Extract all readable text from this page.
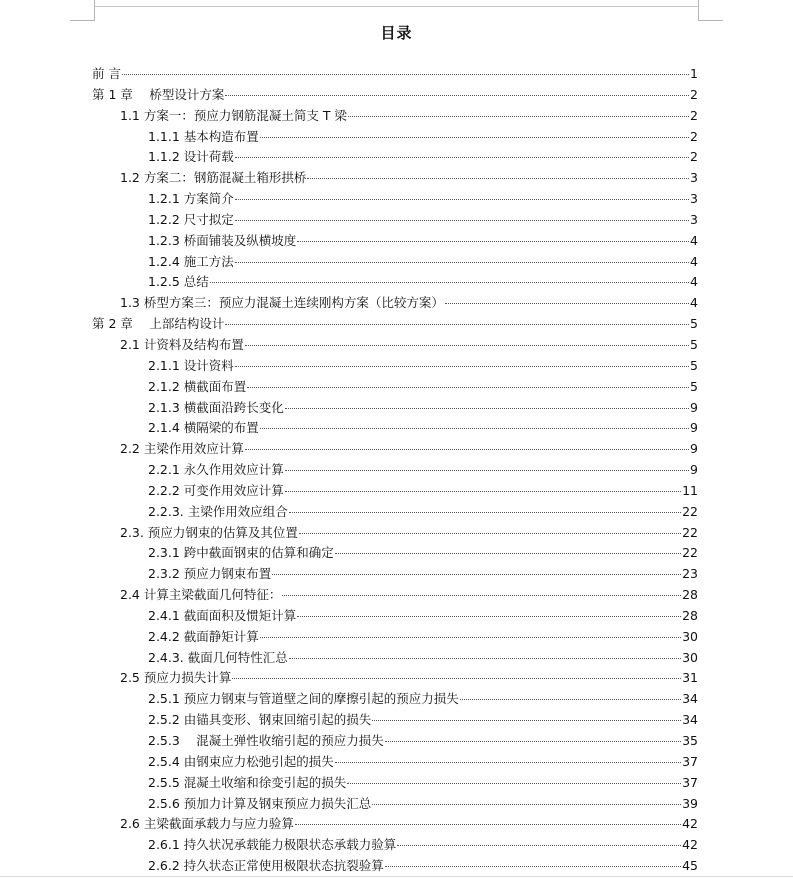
目录
前 言	1
第 1 章　 桥型设计方案	2
1.1 方案一：预应力钢筋混凝土简支 T 梁	2
1.1.1 基本构造布置	2
1.1.2 设计荷载	2
1.2 方案二：钢筋混凝土箱形拱桥	3
1.2.1 方案简介	3
1.2.2 尺寸拟定	3
1.2.3 桥面铺装及纵横坡度	4
1.2.4 施工方法	4
1.2.5 总结	4
1.3 桥型方案三：预应力混凝土连续刚构方案（比较方案）	4
第 2 章　 上部结构设计	5
2.1 计资料及结构布置	5
2.1.1 设计资料	5
2.1.2 横截面布置	5
2.1.3 横截面沿跨长变化	9
2.1.4 横隔梁的布置	9
2.2 主梁作用效应计算	9
2.2.1 永久作用效应计算	9
2.2.2 可变作用效应计算	11
2.2.3. 主梁作用效应组合	22
2.3. 预应力钢束的估算及其位置	22
2.3.1 跨中截面钢束的估算和确定	22
2.3.2 预应力钢束布置	23
2.4 计算主梁截面几何特征：	28
2.4.1 截面面积及惯矩计算	28
2.4.2 截面静矩计算	30
2.4.3. 截面几何特性汇总	30
2.5 预应力损失计算	31
2.5.1 预应力钢束与管道壁之间的摩擦引起的预应力损失	34
2.5.2 由锚具变形、钢束回缩引起的损失	34
2.5.3　 混凝土弹性收缩引起的预应力损失	35
2.5.4 由钢束应力松弛引起的损失	37
2.5.5 混凝土收缩和徐变引起的损失	37
2.5.6 预加力计算及钢束预应力损失汇总	39
2.6 主梁截面承载力与应力验算	42
2.6.1 持久状况承载能力极限状态承载力验算	42
2.6.2 持久状态正常使用极限状态抗裂验算	45
